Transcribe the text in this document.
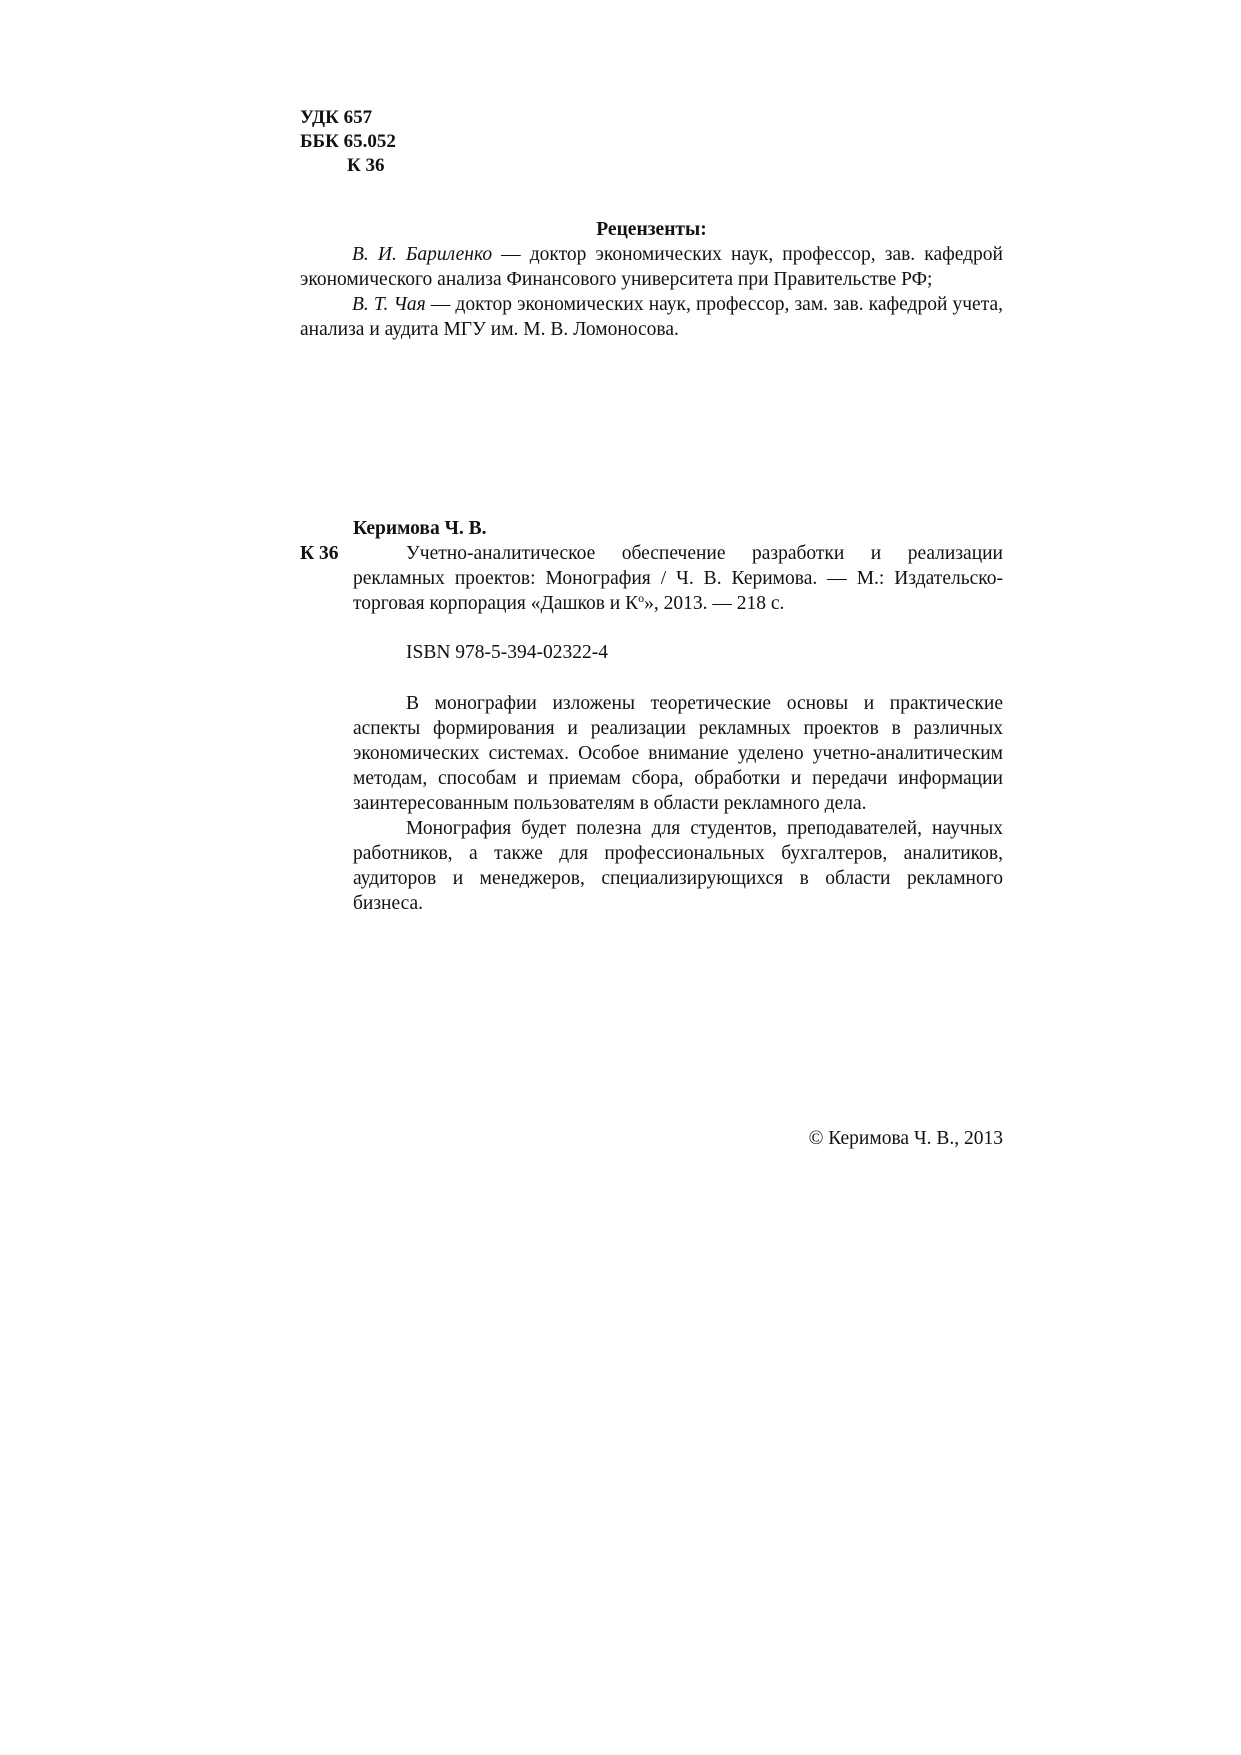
УДК 657
ББК 65.052
К 36

Рецензенты:

В. И. Бариленко — доктор экономических наук, профессор, зав. кафедрой экономического анализа Финансового университета при Правительстве РФ;

В. Т. Чая — доктор экономических наук, профессор, зам. зав. кафедрой учета, анализа и аудита МГУ им. М. В. Ломоносова.

Керимова Ч. В.

К 36	Учетно-аналитическое обеспечение разработки и реализации рекламных проектов: Монография / Ч. В. Керимова. — М.: Издательско-торговая корпорация «Дашков и $К^о$», 2013. — 218 с.

ISBN 978-5-394-02322-4

В монографии изложены теоретические основы и практические аспекты формирования и реализации рекламных проектов в различных экономических системах. Особое внимание уделено учетно-аналитическим методам, способам и приемам сбора, обработки и передачи информации заинтересованным пользователям в области рекламного дела.

Монография будет полезна для студентов, преподавателей, научных работников, а также для профессиональных бухгалтеров, аналитиков, аудиторов и менеджеров, специализирующихся в области рекламного бизнеса.

© Керимова Ч. В., 2013
